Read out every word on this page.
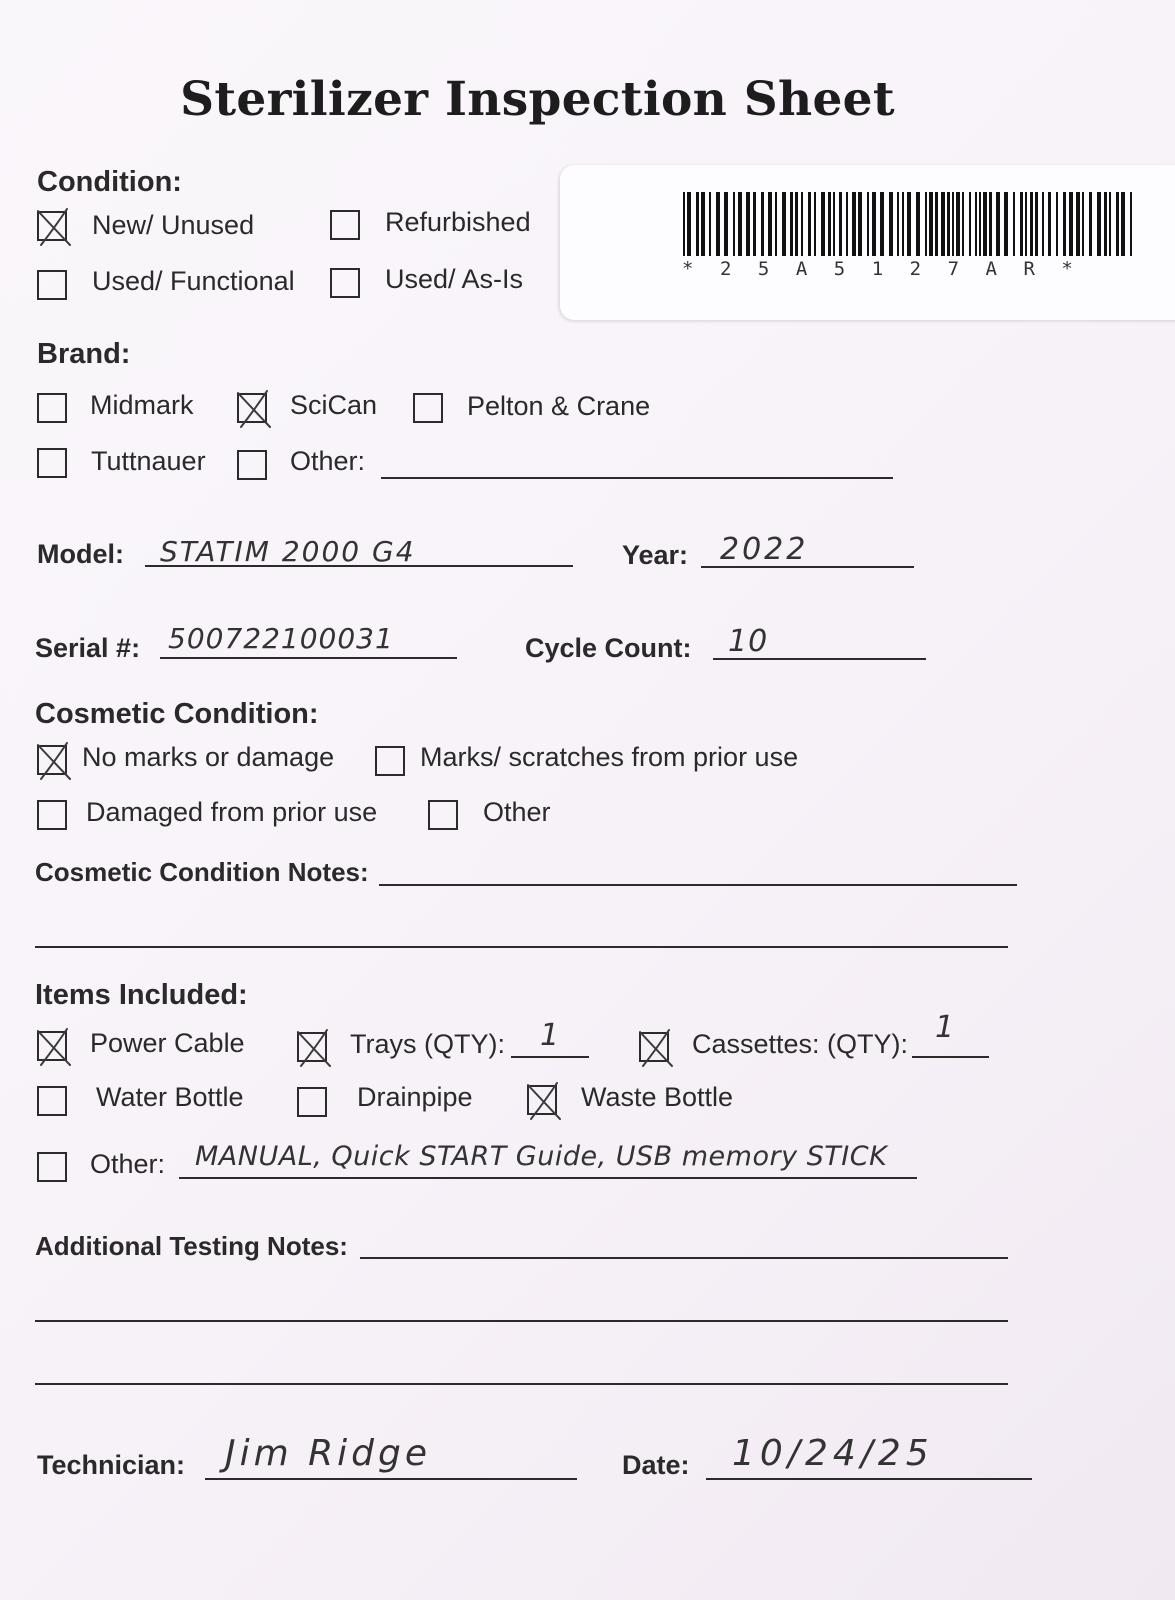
Sterilizer Inspection Sheet
Condition:
New/ Unused	Refurbished
Used/ Functional	Used/ As-Is	*25A5127AR*
Brand:
Midmark	SciCan	Pelton & Crane
Tuttnauer	Other:
Model: STATIM 2000 G4	Year: 2022
Serial #: 500722100031	Cycle Count: 10
Cosmetic Condition:
No marks or damage	Marks/ scratches from prior use
Damaged from prior use	Other
Cosmetic Condition Notes:
Items Included:
Power Cable	Trays (QTY): 1	Cassettes: (QTY): 1
Water Bottle	Drainpipe	Waste Bottle
Other: MANUAL, Quick START Guide, USB memory STICK
Additional Testing Notes:
Technician: Jim Ridge	Date: 10/24/25
